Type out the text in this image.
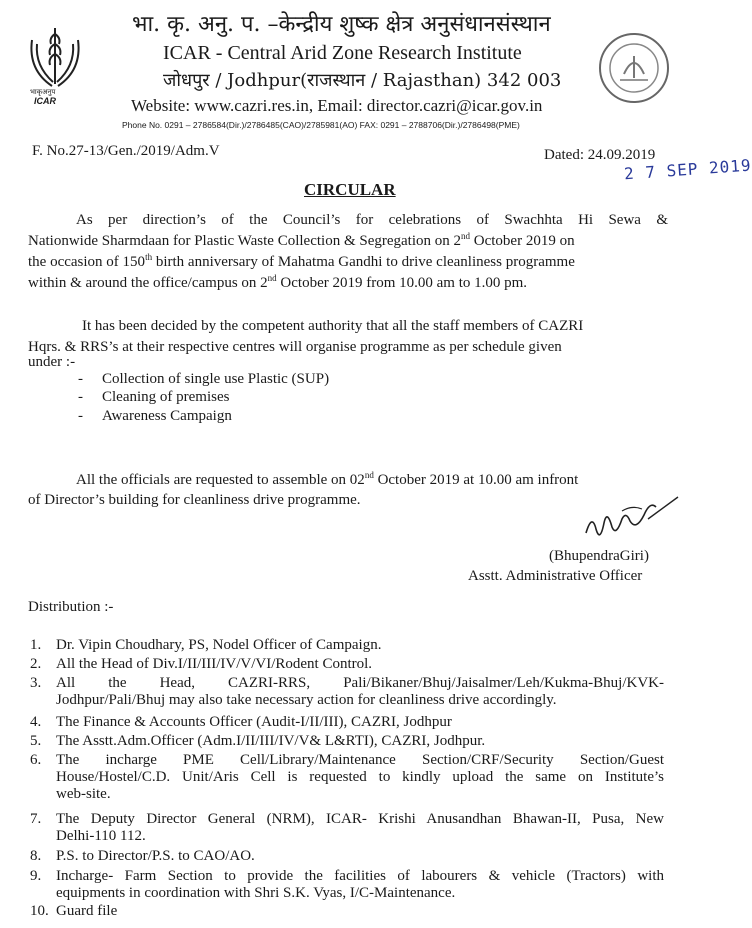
भाकृअनुप
ICAR
भा. कृ. अनु. प. –केन्द्रीय शुष्क क्षेत्र अनुसंधानसंस्थान
ICAR - Central Arid Zone Research Institute
जोधपुर / Jodhpur(राजस्थान / Rajasthan) 342 003
Website: www.cazri.res.in, Email: director.cazri@icar.gov.in
Phone No. 0291 – 2786584(Dir.)/2786485(CAO)/2785981(AO) FAX: 0291 – 2788706(Dir.)/2786498(PME)
F. No.27-13/Gen./2019/Adm.V	Dated: 24.09.2019
2 7 SEP 2019
CIRCULAR
As per direction’s of the Council’s for celebrations of Swachhta Hi Sewa &
Nationwide Sharmdaan for Plastic Waste Collection & Segregation on 2nd October 2019 on
the occasion of 150th birth anniversary of Mahatma Gandhi to drive cleanliness programme
within & around the office/campus on 2nd October 2019 from 10.00 am to 1.00 pm.
It has been decided by the competent authority that all the staff members of CAZRI
Hqrs. & RRS’s at their respective centres will organise programme as per schedule given
under :-
- Collection of single use Plastic (SUP)
- Cleaning of premises
- Awareness Campaign
All the officials are requested to assemble on 02nd October 2019 at 10.00 am infront
of Director’s building for cleanliness drive programme.
(BhupendraGiri)
Asstt. Administrative Officer
Distribution :-
1. Dr. Vipin Choudhary, PS, Nodel Officer of Campaign.
2. All the Head of Div.I/II/III/IV/V/VI/Rodent Control.
3. All the Head, CAZRI-RRS, Pali/Bikaner/Bhuj/Jaisalmer/Leh/Kukma-Bhuj/KVK-
Jodhpur/Pali/Bhuj may also take necessary action for cleanliness drive accordingly.
4. The Finance & Accounts Officer (Audit-I/II/III), CAZRI, Jodhpur
5. The Asstt.Adm.Officer (Adm.I/II/III/IV/V& L&RTI), CAZRI, Jodhpur.
6. The incharge PME Cell/Library/Maintenance Section/CRF/Security Section/Guest
House/Hostel/C.D. Unit/Aris Cell is requested to kindly upload the same on Institute’s
web-site.
7. The Deputy Director General (NRM), ICAR- Krishi Anusandhan Bhawan-II, Pusa, New
Delhi-110 112.
8. P.S. to Director/P.S. to CAO/AO.
9. Incharge- Farm Section to provide the facilities of labourers & vehicle (Tractors) with
equipments in coordination with Shri S.K. Vyas, I/C-Maintenance.
10. Guard file
